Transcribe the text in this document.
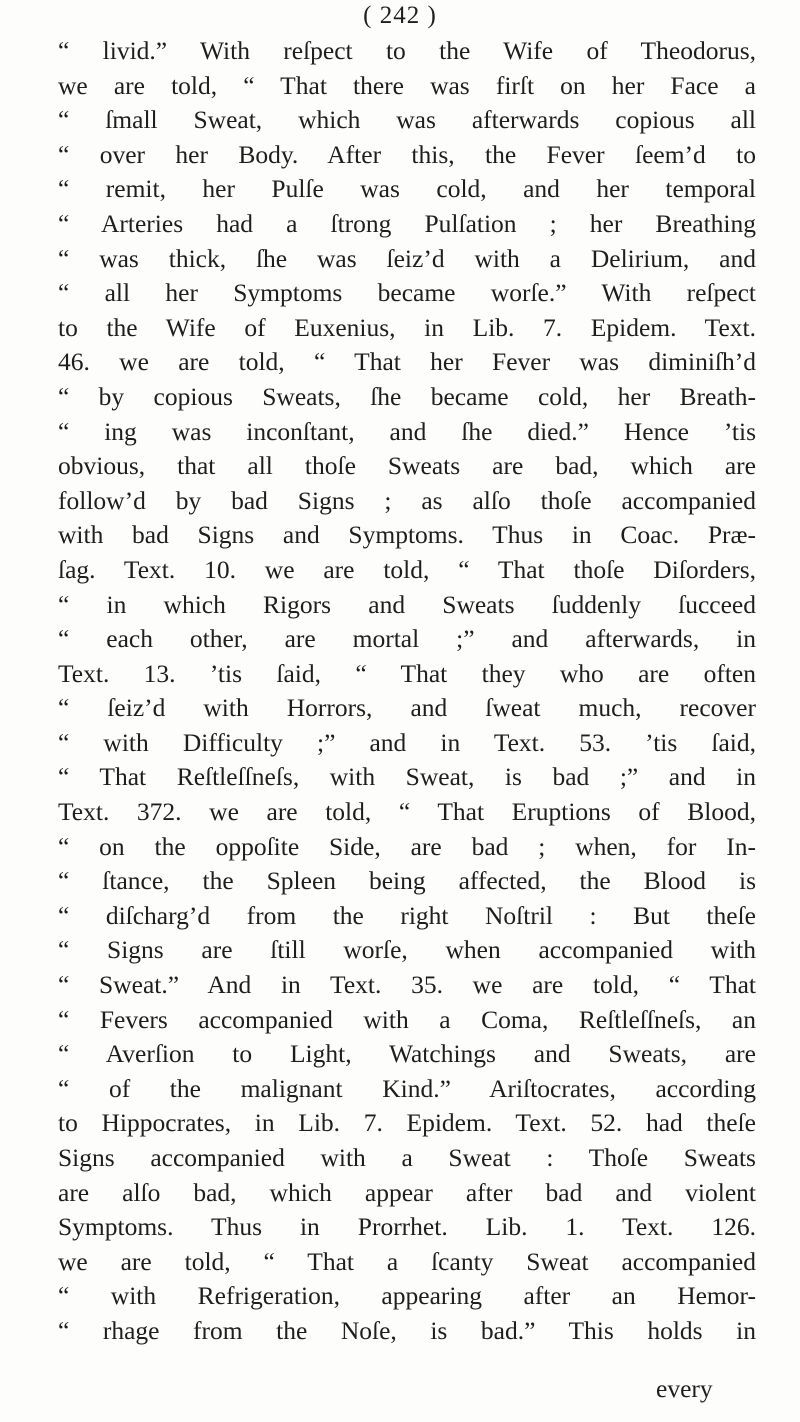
( 242 )
“ livid.” With reſpect to the Wife of Theodorus,
we are told, “ That there was firſt on her Face a
“ ſmall Sweat, which was afterwards copious all
“ over her Body. After this, the Fever ſeem’d to
“ remit, her Pulſe was cold, and her temporal
“ Arteries had a ſtrong Pulſation ; her Breathing
“ was thick, ſhe was ſeiz’d with a Delirium, and
“ all her Symptoms became worſe.” With reſpect
to the Wife of Euxenius, in Lib. 7. Epidem. Text.
46. we are told, “ That her Fever was diminiſh’d
“ by copious Sweats, ſhe became cold, her Breath-
“ ing was inconſtant, and ſhe died.” Hence ’tis
obvious, that all thoſe Sweats are bad, which are
follow’d by bad Signs ; as alſo thoſe accompanied
with bad Signs and Symptoms. Thus in Coac. Præ-
ſag. Text. 10. we are told, “ That thoſe Diſorders,
“ in which Rigors and Sweats ſuddenly ſucceed
“ each other, are mortal ;” and afterwards, in
Text. 13. ’tis ſaid, “ That they who are often
“ ſeiz’d with Horrors, and ſweat much, recover
“ with Difficulty ;” and in Text. 53. ’tis ſaid,
“ That Reſtleſſneſs, with Sweat, is bad ;” and in
Text. 372. we are told, “ That Eruptions of Blood,
“ on the oppoſite Side, are bad ; when, for In-
“ ſtance, the Spleen being affected, the Blood is
“ diſcharg’d from the right Noſtril : But theſe
“ Signs are ſtill worſe, when accompanied with
“ Sweat.” And in Text. 35. we are told, “ That
“ Fevers accompanied with a Coma, Reſtleſſneſs, an
“ Averſion to Light, Watchings and Sweats, are
“ of the malignant Kind.” Ariſtocrates, according
to Hippocrates, in Lib. 7. Epidem. Text. 52. had theſe
Signs accompanied with a Sweat : Thoſe Sweats
are alſo bad, which appear after bad and violent
Symptoms. Thus in Prorrhet. Lib. 1. Text. 126.
we are told, “ That a ſcanty Sweat accompanied
“ with Refrigeration, appearing after an Hemor-
“ rhage from the Noſe, is bad.” This holds in
every
